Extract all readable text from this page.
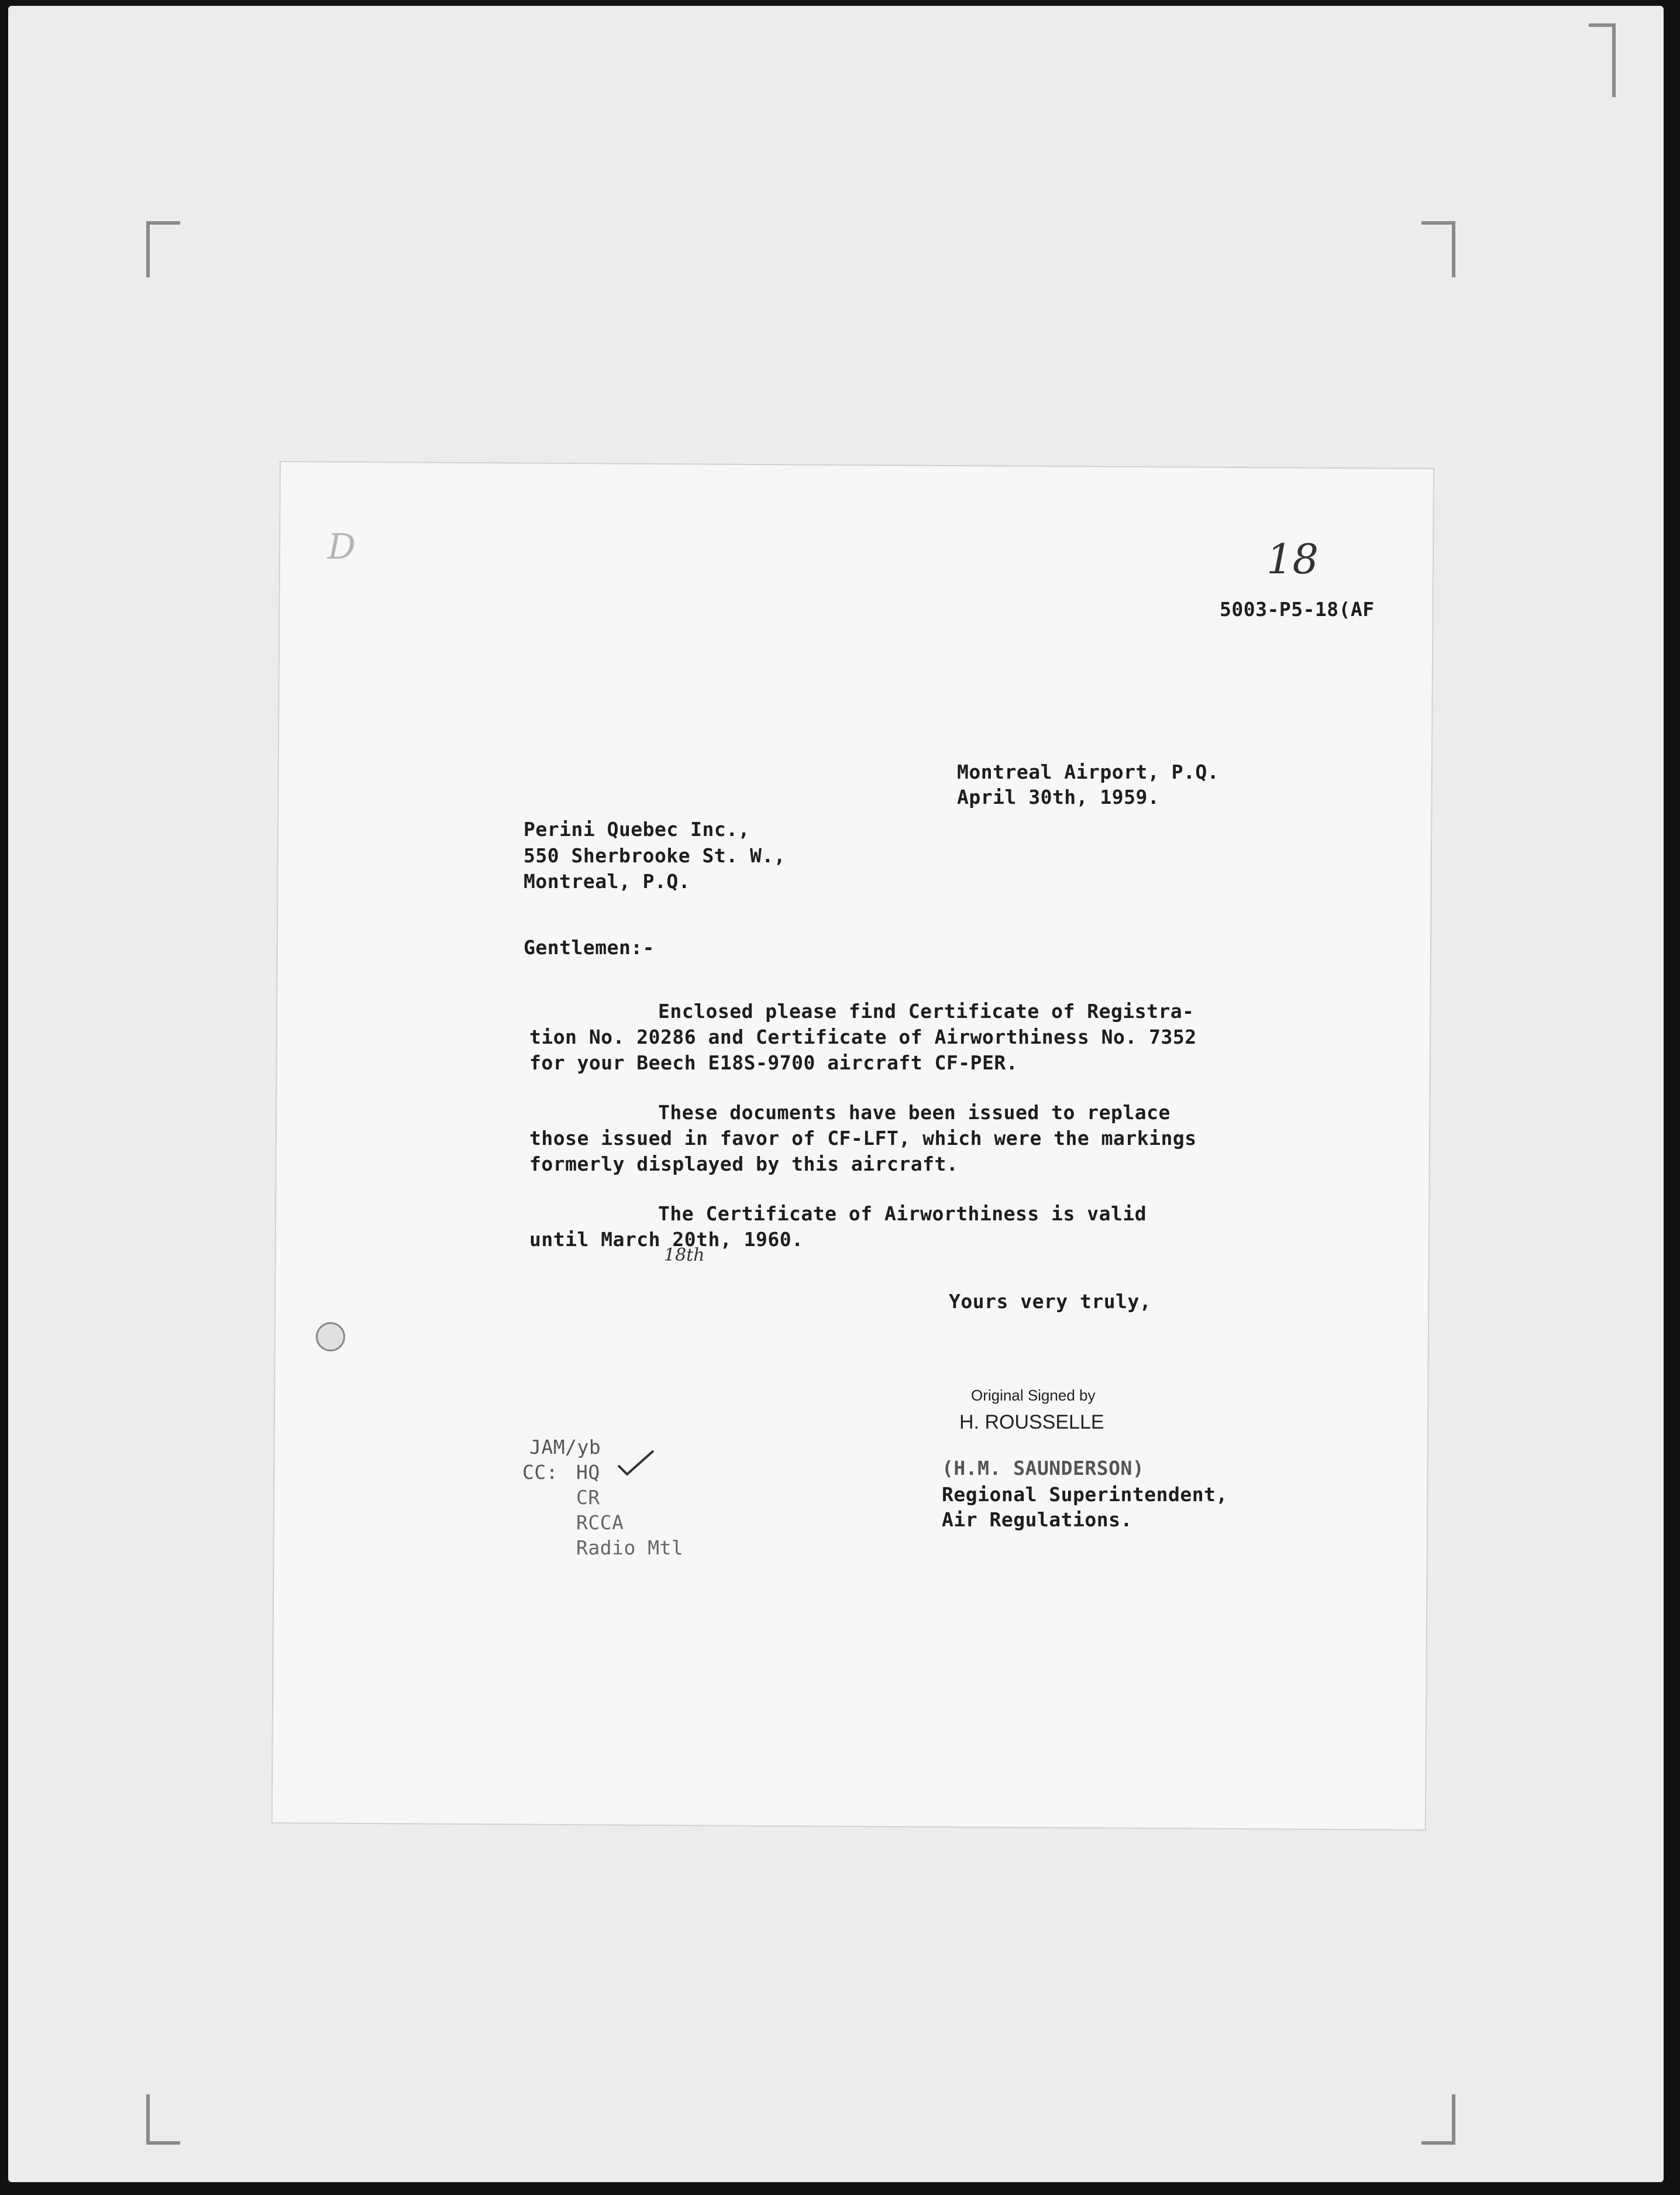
D	18
5003-P5-18(AF
Montreal Airport, P.Q.
April 30th, 1959.
Perini Quebec Inc.,
550 Sherbrooke St. W.,
Montreal, P.Q.
Gentlemen:-
Enclosed please find Certificate of Registra-
tion No. 20286 and Certificate of Airworthiness No. 7352
for your Beech E18S-9700 aircraft CF-PER.
These documents have been issued to replace
those issued in favor of CF-LFT, which were the markings
formerly displayed by this aircraft.
The Certificate of Airworthiness is valid
until March 20th, 1960.
18th
Yours very truly,
Original Signed by
H. ROUSSELLE
(H.M. SAUNDERSON)
Regional Superintendent,
Air Regulations.
JAM/yb
CC: HQ
CR
RCCA
Radio Mtl
